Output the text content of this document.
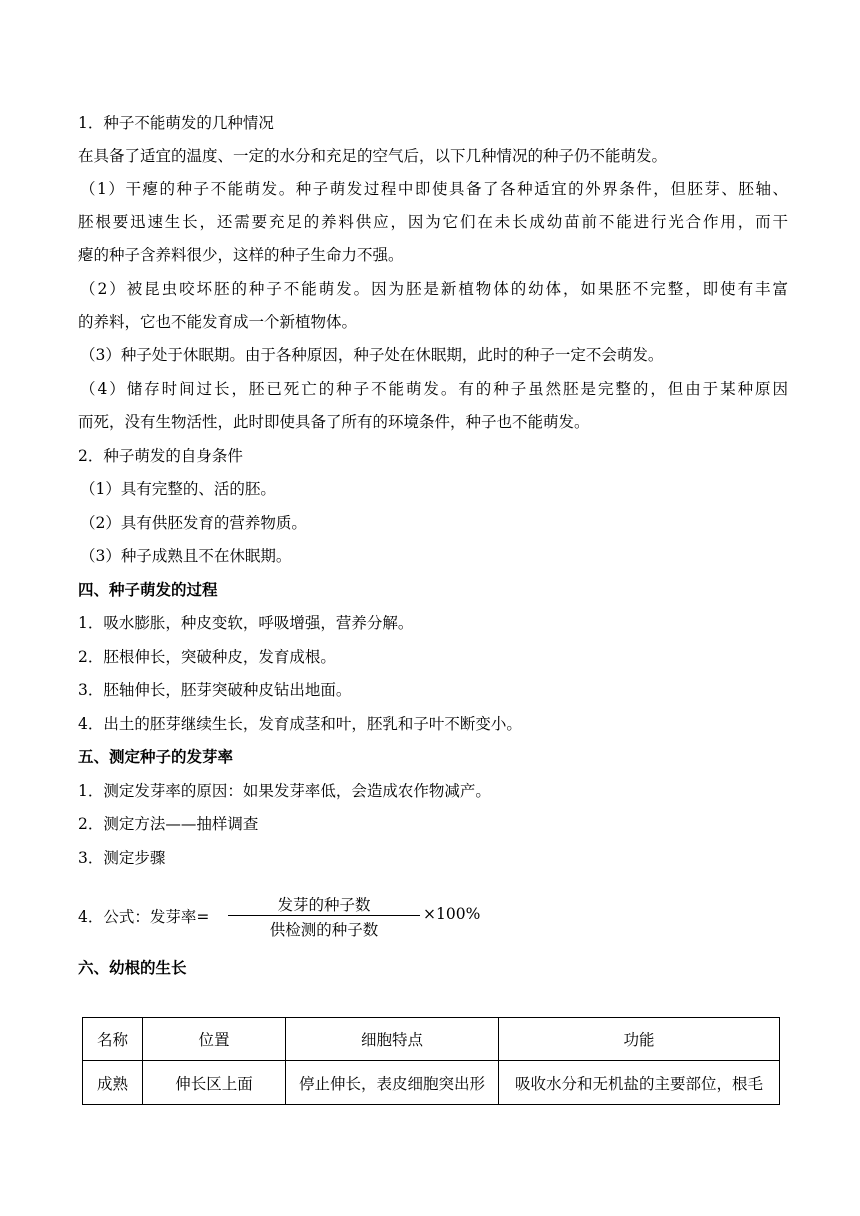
1．种子不能萌发的几种情况
在具备了适宜的温度、一定的水分和充足的空气后，以下几种情况的种子仍不能萌发。
（1）干瘪的种子不能萌发。种子萌发过程中即使具备了各种适宜的外界条件，但胚芽、胚轴、
胚根要迅速生长，还需要充足的养料供应，因为它们在未长成幼苗前不能进行光合作用，而干
瘪的种子含养料很少，这样的种子生命力不强。
（2）被昆虫咬坏胚的种子不能萌发。因为胚是新植物体的幼体，如果胚不完整，即使有丰富
的养料，它也不能发育成一个新植物体。
（3）种子处于休眠期。由于各种原因，种子处在休眠期，此时的种子一定不会萌发。
（4）储存时间过长，胚已死亡的种子不能萌发。有的种子虽然胚是完整的，但由于某种原因
而死，没有生物活性，此时即使具备了所有的环境条件，种子也不能萌发。
2．种子萌发的自身条件
（1）具有完整的、活的胚。
（2）具有供胚发育的营养物质。
（3）种子成熟且不在休眠期。
四、种子萌发的过程
1．吸水膨胀，种皮变软，呼吸增强，营养分解。
2．胚根伸长，突破种皮，发育成根。
3．胚轴伸长，胚芽突破种皮钻出地面。
4．出土的胚芽继续生长，发育成茎和叶，胚乳和子叶不断变小。
五、测定种子的发芽率
1．测定发芽率的原因：如果发芽率低，会造成农作物减产。
2．测定方法——抽样调查
3．测定步骤
4．公式：发芽率=
发芽的种子数
供检测的种子数
×100%
六、幼根的生长
名称	位置	细胞特点	功能
成熟	伸长区上面	停止伸长，表皮细胞突出形	吸收水分和无机盐的主要部位，根毛
